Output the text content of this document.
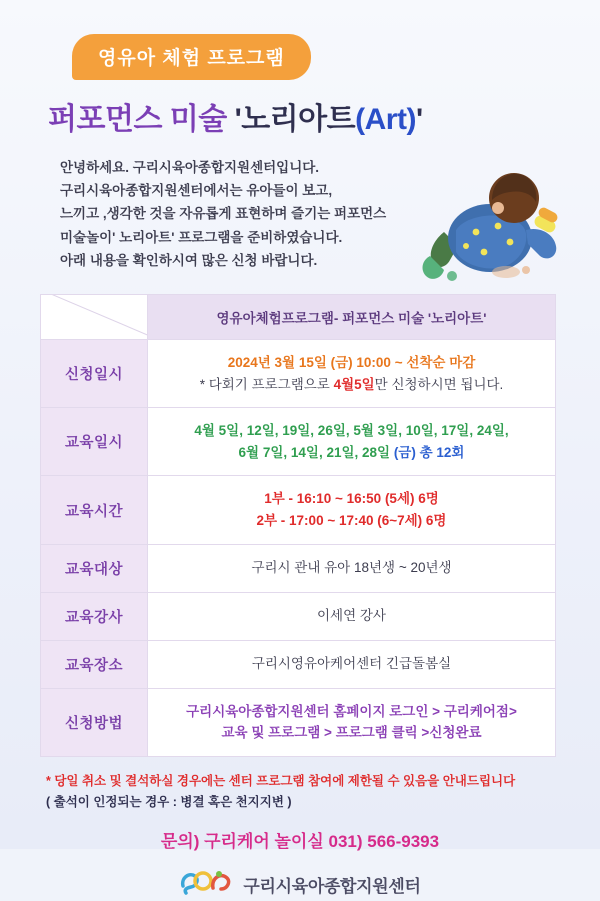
영유아 체험 프로그램
퍼포먼스 미술 '노리아트(Art)'
안녕하세요. 구리시육아종합지원센터입니다.
구리시육아종합지원센터에서는 유아들이 보고,
느끼고 ,생각한 것을 자유롭게 표현하며 즐기는 퍼포먼스
미술놀이' 노리아트' 프로그램을 준비하였습니다.
아래 내용을 확인하시여 많은 신청 바랍니다.
	영유아체험프로그램- 퍼포먼스 미술 '노리아트'
신청일시	2024년 3월 15일 (금) 10:00 ~ 선착순 마감
* 다회기 프로그램으로 4월5일만 신청하시면 됩니다.

교육일시	4월 5일, 12일, 19일, 26일, 5월 3일, 10일, 17일, 24일,
6월 7일, 14일, 21일, 28일 (금) 총 12회

교육시간	1부 - 16:10 ~ 16:50 (5세) 6명
2부 - 17:00 ~ 17:40 (6~7세) 6명

교육대상	구리시 관내 유아 18년생 ~ 20년생

교육강사	이세연 강사

교육장소	구리시영유아케어센터 긴급돌봄실

신청방법	구리시육아종합지원센터 홈페이지 로그인 > 구리케어점>
교육 및 프로그램 > 프로그램 클릭 >신청완료
* 당일 취소 및 결석하실 경우에는 센터 프로그램 참여에 제한될 수 있음을 안내드립니다
( 출석이 인정되는 경우 : 병결 혹은 천지지변 )
문의) 구리케어 놀이실 031) 566-9393
구리시육아종합지원센터
